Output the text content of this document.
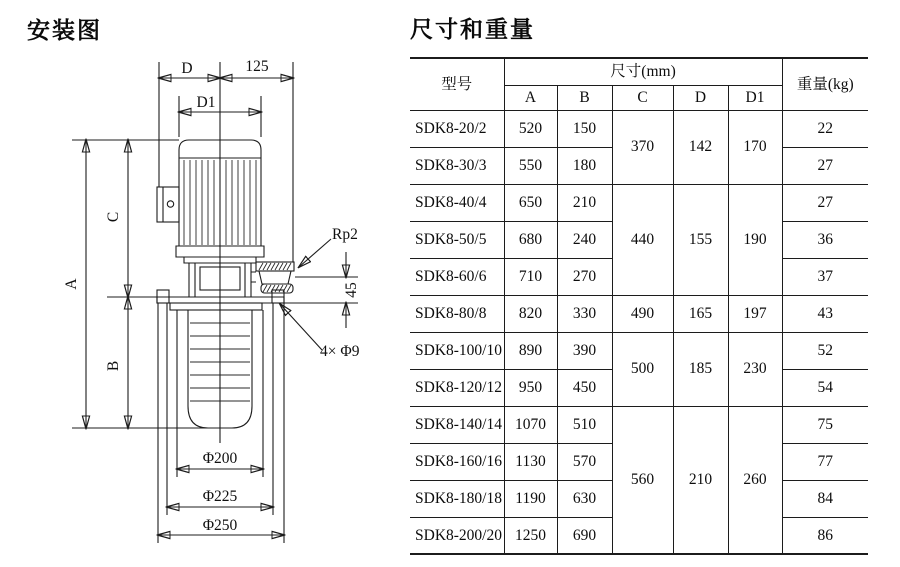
安装图	尺寸和重量
D	125
D1
A
C
B
Rp2
45
4× Φ9
Φ200
Φ225
Φ250
型号	尺寸(mm)					重量(kg)
	A	B	C	D	D1	
SDK8-20/2	520	150	370	142	170	22
SDK8-30/3	550	180				27
SDK8-40/4	650	210	440	155	190	27
SDK8-50/5	680	240				36
SDK8-60/6	710	270				37
SDK8-80/8	820	330	490	165	197	43
SDK8-100/10	890	390	500	185	230	52
SDK8-120/12	950	450				54
SDK8-140/14	1070	510	560	210	260	75
SDK8-160/16	1130	570				77
SDK8-180/18	1190	630				84
SDK8-200/20	1250	690				86
